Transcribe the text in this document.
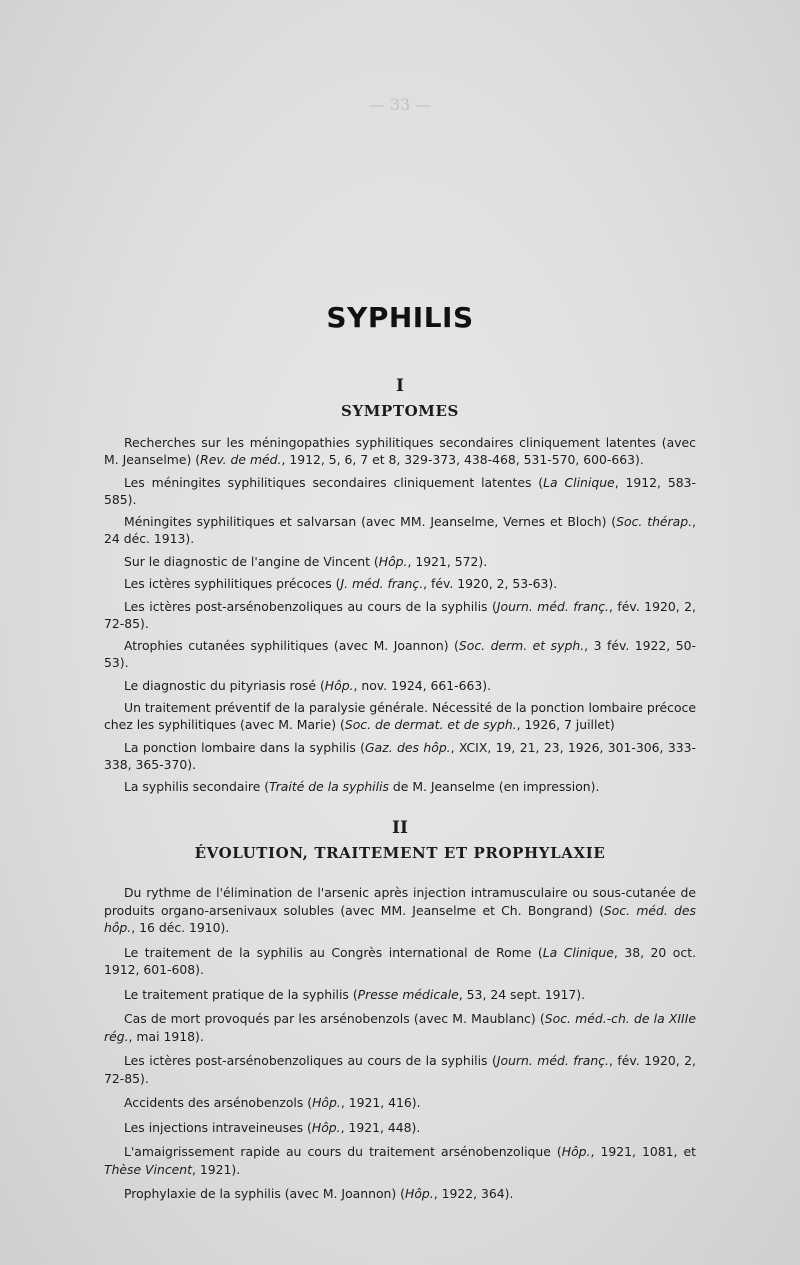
— 33 —
SYPHILIS
I
SYMPTOMES

Recherches sur les méningopathies syphilitiques secondaires cliniquement latentes (avec M. Jeanselme) (Rev. de méd., 1912, 5, 6, 7 et 8, 329-373, 438-468, 531-570, 600-663).

Les méningites syphilitiques secondaires cliniquement latentes (La Clinique, 1912, 583-585).

Méningites syphilitiques et salvarsan (avec MM. Jeanselme, Vernes et Bloch) (Soc. thérap., 24 déc. 1913).

Sur le diagnostic de l'angine de Vincent (Hôp., 1921, 572).

Les ictères syphilitiques précoces (J. méd. franç., fév. 1920, 2, 53-63).

Les ictères post-arsénobenzoliques au cours de la syphilis (Journ. méd. franç., fév. 1920, 2, 72-85).

Atrophies cutanées syphilitiques (avec M. Joannon) (Soc. derm. et syph., 3 fév. 1922, 50-53).

Le diagnostic du pityriasis rosé (Hôp., nov. 1924, 661-663).

Un traitement préventif de la paralysie générale. Nécessité de la ponction lombaire précoce chez les syphilitiques (avec M. Marie) (Soc. de dermat. et de syph., 1926, 7 juillet)

La ponction lombaire dans la syphilis (Gaz. des hôp., XCIX, 19, 21, 23, 1926, 301-306, 333-338, 365-370).

La syphilis secondaire (Traité de la syphilis de M. Jeanselme (en impression).

II
ÉVOLUTION, TRAITEMENT ET PROPHYLAXIE

Du rythme de l'élimination de l'arsenic après injection intramusculaire ou sous-cutanée de produits organo-arsenivaux solubles (avec MM. Jeanselme et Ch. Bongrand) (Soc. méd. des hôp., 16 déc. 1910).

Le traitement de la syphilis au Congrès international de Rome (La Clinique, 38, 20 oct. 1912, 601-608).

Le traitement pratique de la syphilis (Presse médicale, 53, 24 sept. 1917).

Cas de mort provoqués par les arsénobenzols (avec M. Maublanc) (Soc. méd.-ch. de la XIIIe rég., mai 1918).

Les ictères post-arsénobenzoliques au cours de la syphilis (Journ. méd. franç., fév. 1920, 2, 72-85).

Accidents des arsénobenzols (Hôp., 1921, 416).

Les injections intraveineuses (Hôp., 1921, 448).

L'amaigrissement rapide au cours du traitement arsénobenzolique (Hôp., 1921, 1081, et Thèse Vincent, 1921).

Prophylaxie de la syphilis (avec M. Joannon) (Hôp., 1922, 364).
